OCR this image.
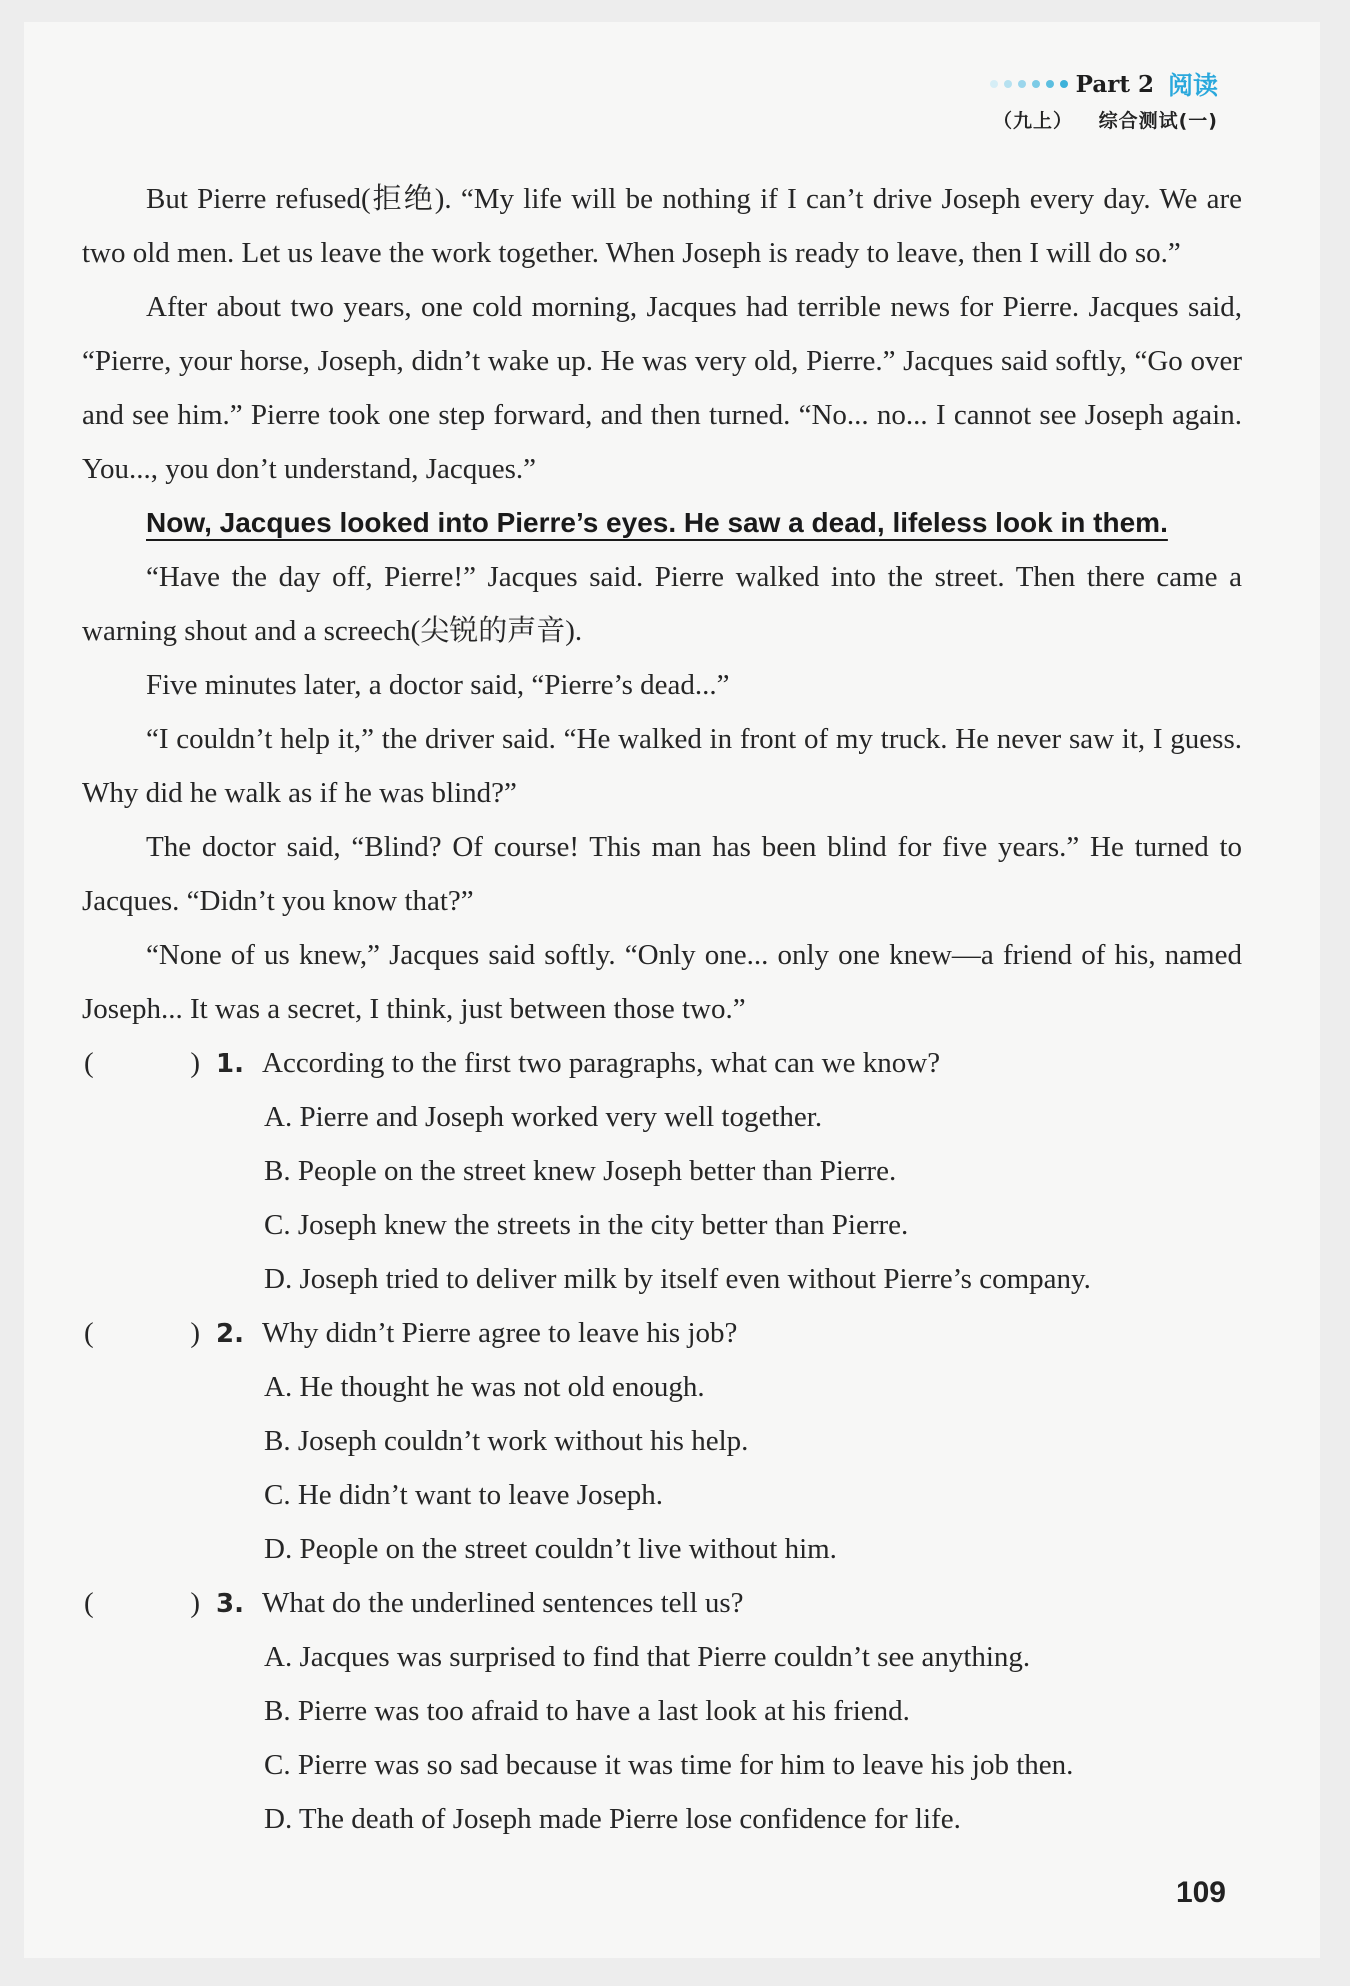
Part 2 阅读
（九上） 综合测试(一)

But Pierre refused(拒绝). “My life will be nothing if I can’t drive Joseph every day. We are two old men. Let us leave the work together. When Joseph is ready to leave, then I will do so.”

After about two years, one cold morning, Jacques had terrible news for Pierre. Jacques said, “Pierre, your horse, Joseph, didn’t wake up. He was very old, Pierre.” Jacques said softly, “Go over and see him.” Pierre took one step forward, and then turned. “No... no... I cannot see Joseph again. You..., you don’t understand, Jacques.”

Now, Jacques looked into Pierre’s eyes. He saw a dead, lifeless look in them.

“Have the day off, Pierre!” Jacques said. Pierre walked into the street. Then there came a warning shout and a screech(尖锐的声音).

Five minutes later, a doctor said, “Pierre’s dead...”

“I couldn’t help it,” the driver said. “He walked in front of my truck. He never saw it, I guess. Why did he walk as if he was blind?”

The doctor said, “Blind? Of course! This man has been blind for five years.” He turned to Jacques. “Didn’t you know that?”

“None of us knew,” Jacques said softly. “Only one... only one knew—a friend of his, named Joseph... It was a secret, I think, just between those two.”

(	) 1. According to the first two paragraphs, what can we know?
A. Pierre and Joseph worked very well together.
B. People on the street knew Joseph better than Pierre.
C. Joseph knew the streets in the city better than Pierre.
D. Joseph tried to deliver milk by itself even without Pierre’s company.
(	) 2. Why didn’t Pierre agree to leave his job?
A. He thought he was not old enough.
B. Joseph couldn’t work without his help.
C. He didn’t want to leave Joseph.
D. People on the street couldn’t live without him.
(	) 3. What do the underlined sentences tell us?
A. Jacques was surprised to find that Pierre couldn’t see anything.
B. Pierre was too afraid to have a last look at his friend.
C. Pierre was so sad because it was time for him to leave his job then.
D. The death of Joseph made Pierre lose confidence for life.
109
